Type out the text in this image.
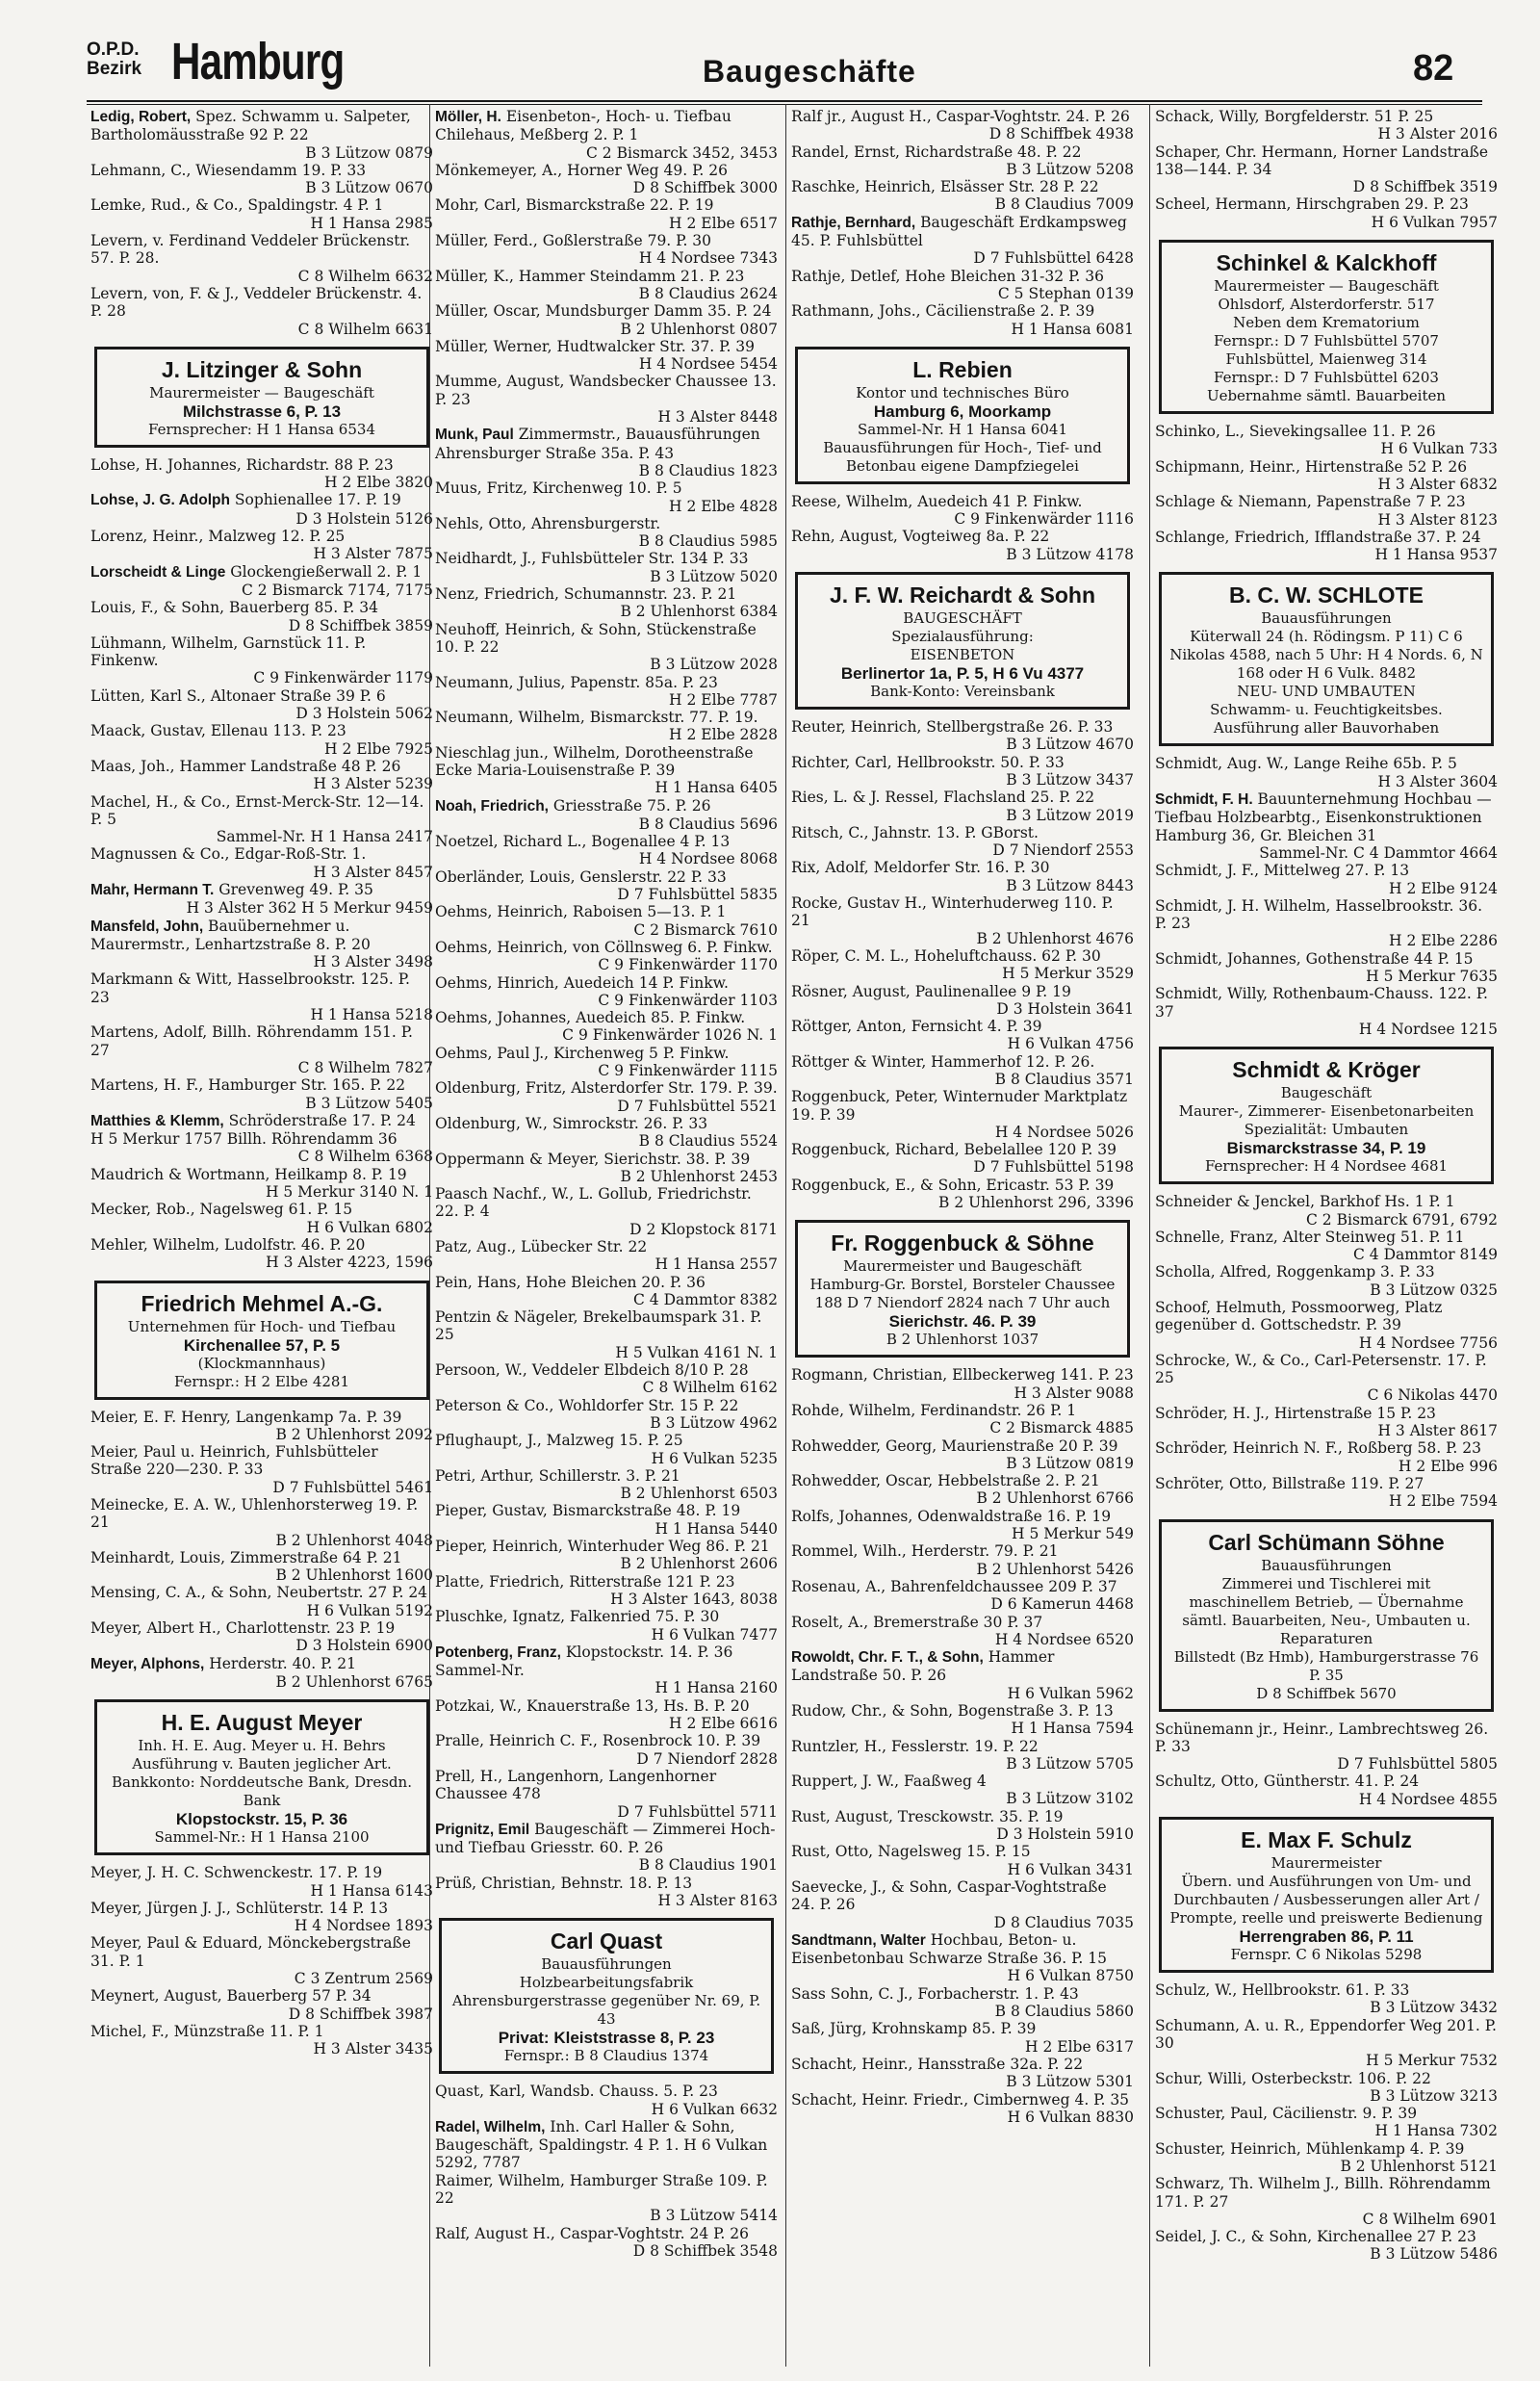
O.P.D.
Bezirk Hamburg	Baugeschäfte	82
Ledig, Robert, Spez. Schwamm u. Salpeter, Bartholomäusstraße 92 P. 22
B 3 Lützow 0879
Lehmann, C., Wiesendamm 19. P. 33
B 3 Lützow 0670
Lemke, Rud., & Co., Spaldingstr. 4 P. 1
H 1 Hansa 2985
Levern, v. Ferdinand Veddeler Brückenstr. 57. P. 28.
C 8 Wilhelm 6632
Levern, von, F. & J., Veddeler Brückenstr. 4. P. 28
C 8 Wilhelm 6631
J. Litzinger & Sohn
Maurermeister — Baugeschäft
Milchstrasse 6, P. 13
Fernsprecher: H 1 Hansa 6534
Lohse, H. Johannes, Richardstr. 88 P. 23
H 2 Elbe 3820
Lohse, J. G. Adolph Sophienallee 17. P. 19
D 3 Holstein 5126
Lorenz, Heinr., Malzweg 12. P. 25
H 3 Alster 7875
Lorscheidt & Linge Glockengießerwall 2. P. 1
C 2 Bismarck 7174, 7175
Louis, F., & Sohn, Bauerberg 85. P. 34
D 8 Schiffbek 3859
Lühmann, Wilhelm, Garnstück 11. P. Finkenw.
C 9 Finkenwärder 1179
Lütten, Karl S., Altonaer Straße 39 P. 6
D 3 Holstein 5062
Maack, Gustav, Ellenau 113. P. 23
H 2 Elbe 7925
Maas, Joh., Hammer Landstraße 48 P. 26
H 3 Alster 5239
Machel, H., & Co., Ernst-Merck-Str. 12—14. P. 5
Sammel-Nr. H 1 Hansa 2417
Magnussen & Co., Edgar-Roß-Str. 1.
H 3 Alster 8457
Mahr, Hermann T. Grevenweg 49. P. 35
H 3 Alster 362 H 5 Merkur 9459
Mansfeld, John, Bauübernehmer u. Maurermstr., Lenhartzstraße 8. P. 20
H 3 Alster 3498
Markmann & Witt, Hasselbrookstr. 125. P. 23
H 1 Hansa 5218
Martens, Adolf, Billh. Röhrendamm 151. P. 27
C 8 Wilhelm 7827
Martens, H. F., Hamburger Str. 165. P. 22
B 3 Lützow 5405
Matthies & Klemm, Schröderstraße 17. P. 24 H 5 Merkur 1757 Billh. Röhrendamm 36
C 8 Wilhelm 6368
Maudrich & Wortmann, Heilkamp 8. P. 19
H 5 Merkur 3140 N. 1
Mecker, Rob., Nagelsweg 61. P. 15
H 6 Vulkan 6802
Mehler, Wilhelm, Ludolfstr. 46. P. 20
H 3 Alster 4223, 1596
Friedrich Mehmel A.-G.
Unternehmen für Hoch- und Tiefbau
Kirchenallee 57, P. 5
(Klockmannhaus)
Fernspr.: H 2 Elbe 4281
Meier, E. F. Henry, Langenkamp 7a. P. 39
B 2 Uhlenhorst 2092
Meier, Paul u. Heinrich, Fuhlsbütteler Straße 220—230. P. 33
D 7 Fuhlsbüttel 5461
Meinecke, E. A. W., Uhlenhorsterweg 19. P. 21
B 2 Uhlenhorst 4048
Meinhardt, Louis, Zimmerstraße 64 P. 21
B 2 Uhlenhorst 1600
Mensing, C. A., & Sohn, Neubertstr. 27 P. 24
H 6 Vulkan 5192
Meyer, Albert H., Charlottenstr. 23 P. 19
D 3 Holstein 6900
Meyer, Alphons, Herderstr. 40. P. 21
B 2 Uhlenhorst 6765
H. E. August Meyer
Inh. H. E. Aug. Meyer u. H. Behrs
Ausführung v. Bauten jeglicher Art. Bankkonto: Norddeutsche Bank, Dresdn. Bank
Klopstockstr. 15, P. 36
Sammel-Nr.: H 1 Hansa 2100
Meyer, J. H. C. Schwenckestr. 17. P. 19
H 1 Hansa 6143
Meyer, Jürgen J. J., Schlüterstr. 14 P. 13
H 4 Nordsee 1893
Meyer, Paul & Eduard, Mönckebergstraße 31. P. 1
C 3 Zentrum 2569
Meynert, August, Bauerberg 57 P. 34
D 8 Schiffbek 3987
Michel, F., Münzstraße 11. P. 1
H 3 Alster 3435
Möller, H. Eisenbeton-, Hoch- u. Tiefbau Chilehaus, Meßberg 2. P. 1
C 2 Bismarck 3452, 3453
Mönkemeyer, A., Horner Weg 49. P. 26
D 8 Schiffbek 3000
Mohr, Carl, Bismarckstraße 22. P. 19
H 2 Elbe 6517
Müller, Ferd., Goßlerstraße 79. P. 30
H 4 Nordsee 7343
Müller, K., Hammer Steindamm 21. P. 23
B 8 Claudius 2624
Müller, Oscar, Mundsburger Damm 35. P. 24
B 2 Uhlenhorst 0807
Müller, Werner, Hudtwalcker Str. 37. P. 39
H 4 Nordsee 5454
Mumme, August, Wandsbecker Chaussee 13. P. 23
H 3 Alster 8448
Munk, Paul Zimmermstr., Bauausführungen Ahrensburger Straße 35a. P. 43
B 8 Claudius 1823
Muus, Fritz, Kirchenweg 10. P. 5
H 2 Elbe 4828
Nehls, Otto, Ahrensburgerstr.
B 8 Claudius 5985
Neidhardt, J., Fuhlsbütteler Str. 134 P. 33
B 3 Lützow 5020
Nenz, Friedrich, Schumannstr. 23. P. 21
B 2 Uhlenhorst 6384
Neuhoff, Heinrich, & Sohn, Stückenstraße 10. P. 22
B 3 Lützow 2028
Neumann, Julius, Papenstr. 85a. P. 23
H 2 Elbe 7787
Neumann, Wilhelm, Bismarckstr. 77. P. 19.
H 2 Elbe 2828
Nieschlag jun., Wilhelm, Dorotheenstraße Ecke Maria-Louisenstraße P. 39
H 1 Hansa 6405
Noah, Friedrich, Griesstraße 75. P. 26
B 8 Claudius 5696
Noetzel, Richard L., Bogenallee 4 P. 13
H 4 Nordsee 8068
Oberländer, Louis, Genslerstr. 22 P. 33
D 7 Fuhlsbüttel 5835
Oehms, Heinrich, Raboisen 5—13. P. 1
C 2 Bismarck 7610
Oehms, Heinrich, von Cöllnsweg 6. P. Finkw.
C 9 Finkenwärder 1170
Oehms, Hinrich, Auedeich 14 P. Finkw.
C 9 Finkenwärder 1103
Oehms, Johannes, Auedeich 85. P. Finkw.
C 9 Finkenwärder 1026 N. 1
Oehms, Paul J., Kirchenweg 5 P. Finkw.
C 9 Finkenwärder 1115
Oldenburg, Fritz, Alsterdorfer Str. 179. P. 39.
D 7 Fuhlsbüttel 5521
Oldenburg, W., Simrockstr. 26. P. 33
B 8 Claudius 5524
Oppermann & Meyer, Sierichstr. 38. P. 39
B 2 Uhlenhorst 2453
Paasch Nachf., W., L. Gollub, Friedrichstr. 22. P. 4
D 2 Klopstock 8171
Patz, Aug., Lübecker Str. 22
H 1 Hansa 2557
Pein, Hans, Hohe Bleichen 20. P. 36
C 4 Dammtor 8382
Pentzin & Nägeler, Brekelbaumspark 31. P. 25
H 5 Vulkan 4161 N. 1
Persoon, W., Veddeler Elbdeich 8/10 P. 28
C 8 Wilhelm 6162
Peterson & Co., Wohldorfer Str. 15 P. 22
B 3 Lützow 4962
Pflughaupt, J., Malzweg 15. P. 25
H 6 Vulkan 5235
Petri, Arthur, Schillerstr. 3. P. 21
B 2 Uhlenhorst 6503
Pieper, Gustav, Bismarckstraße 48. P. 19
H 1 Hansa 5440
Pieper, Heinrich, Winterhuder Weg 86. P. 21
B 2 Uhlenhorst 2606
Platte, Friedrich, Ritterstraße 121 P. 23
H 3 Alster 1643, 8038
Pluschke, Ignatz, Falkenried 75. P. 30
H 6 Vulkan 7477
Potenberg, Franz, Klopstockstr. 14. P. 36 Sammel-Nr.
H 1 Hansa 2160
Potzkai, W., Knauerstraße 13, Hs. B. P. 20
H 2 Elbe 6616
Pralle, Heinrich C. F., Rosenbrock 10. P. 39
D 7 Niendorf 2828
Prell, H., Langenhorn, Langenhorner Chaussee 478
D 7 Fuhlsbüttel 5711
Prignitz, Emil Baugeschäft — Zimmerei Hoch- und Tiefbau Griesstr. 60. P. 26
B 8 Claudius 1901
Prüß, Christian, Behnstr. 18. P. 13
H 3 Alster 8163
Carl Quast
Bauausführungen
Holzbearbeitungsfabrik
Ahrensburgerstrasse gegenüber Nr. 69, P. 43
Privat: Kleiststrasse 8, P. 23
Fernspr.: B 8 Claudius 1374
Quast, Karl, Wandsb. Chauss. 5. P. 23
H 6 Vulkan 6632
Radel, Wilhelm, Inh. Carl Haller & Sohn, Baugeschäft, Spaldingstr. 4 P. 1. H 6 Vulkan 5292, 7787
Raimer, Wilhelm, Hamburger Straße 109. P. 22
B 3 Lützow 5414
Ralf, August H., Caspar-Voghtstr. 24 P. 26
D 8 Schiffbek 3548
Ralf jr., August H., Caspar-Voghtstr. 24. P. 26
D 8 Schiffbek 4938
Randel, Ernst, Richardstraße 48. P. 22
B 3 Lützow 5208
Raschke, Heinrich, Elsässer Str. 28 P. 22
B 8 Claudius 7009
Rathje, Bernhard, Baugeschäft Erdkampsweg 45. P. Fuhlsbüttel
D 7 Fuhlsbüttel 6428
Rathje, Detlef, Hohe Bleichen 31-32 P. 36
C 5 Stephan 0139
Rathmann, Johs., Cäcilienstraße 2. P. 39
H 1 Hansa 6081
L. Rebien
Kontor und technisches Büro
Hamburg 6, Moorkamp
Sammel-Nr. H 1 Hansa 6041
Bauausführungen für Hoch-, Tief- und Betonbau eigene Dampfziegelei
Reese, Wilhelm, Auedeich 41 P. Finkw.
C 9 Finkenwärder 1116
Rehn, August, Vogteiweg 8a. P. 22
B 3 Lützow 4178
J. F. W. Reichardt & Sohn
BAUGESCHÄFT
Spezialausführung:
EISENBETON
Berlinertor 1a, P. 5, H 6 Vu 4377
Bank-Konto: Vereinsbank
Reuter, Heinrich, Stellbergstraße 26. P. 33
B 3 Lützow 4670
Richter, Carl, Hellbrookstr. 50. P. 33
B 3 Lützow 3437
Ries, L. & J. Ressel, Flachsland 25. P. 22
B 3 Lützow 2019
Ritsch, C., Jahnstr. 13. P. GBorst.
D 7 Niendorf 2553
Rix, Adolf, Meldorfer Str. 16. P. 30
B 3 Lützow 8443
Rocke, Gustav H., Winterhuderweg 110. P. 21
B 2 Uhlenhorst 4676
Röper, C. M. L., Hoheluftchauss. 62 P. 30
H 5 Merkur 3529
Rösner, August, Paulinenallee 9 P. 19
D 3 Holstein 3641
Röttger, Anton, Fernsicht 4. P. 39
H 6 Vulkan 4756
Röttger & Winter, Hammerhof 12. P. 26.
B 8 Claudius 3571
Roggenbuck, Peter, Winternuder Marktplatz 19. P. 39
H 4 Nordsee 5026
Roggenbuck, Richard, Bebelallee 120 P. 39
D 7 Fuhlsbüttel 5198
Roggenbuck, E., & Sohn, Ericastr. 53 P. 39
B 2 Uhlenhorst 296, 3396
Fr. Roggenbuck & Söhne
Maurermeister und Baugeschäft
Hamburg-Gr. Borstel, Borsteler Chaussee 188 D 7 Niendorf 2824 nach 7 Uhr auch
Sierichstr. 46. P. 39
B 2 Uhlenhorst 1037
Rogmann, Christian, Ellbeckerweg 141. P. 23
H 3 Alster 9088
Rohde, Wilhelm, Ferdinandstr. 26 P. 1
C 2 Bismarck 4885
Rohwedder, Georg, Maurienstraße 20 P. 39
B 3 Lützow 0819
Rohwedder, Oscar, Hebbelstraße 2. P. 21
B 2 Uhlenhorst 6766
Rolfs, Johannes, Odenwaldstraße 16. P. 19
H 5 Merkur 549
Rommel, Wilh., Herderstr. 79. P. 21
B 2 Uhlenhorst 5426
Rosenau, A., Bahrenfeldchaussee 209 P. 37
D 6 Kamerun 4468
Roselt, A., Bremerstraße 30 P. 37
H 4 Nordsee 6520
Rowoldt, Chr. F. T., & Sohn, Hammer Landstraße 50. P. 26
H 6 Vulkan 5962
Rudow, Chr., & Sohn, Bogenstraße 3. P. 13
H 1 Hansa 7594
Runtzler, H., Fesslerstr. 19. P. 22
B 3 Lützow 5705
Ruppert, J. W., Faaßweg 4
B 3 Lützow 3102
Rust, August, Tresckowstr. 35. P. 19
D 3 Holstein 5910
Rust, Otto, Nagelsweg 15. P. 15
H 6 Vulkan 3431
Saevecke, J., & Sohn, Caspar-Voghtstraße 24. P. 26
D 8 Claudius 7035
Sandtmann, Walter Hochbau, Beton- u. Eisenbetonbau Schwarze Straße 36. P. 15
H 6 Vulkan 8750
Sass Sohn, C. J., Forbacherstr. 1. P. 43
B 8 Claudius 5860
Saß, Jürg, Krohnskamp 85. P. 39
H 2 Elbe 6317
Schacht, Heinr., Hansstraße 32a. P. 22
B 3 Lützow 5301
Schacht, Heinr. Friedr., Cimbernweg 4. P. 35
H 6 Vulkan 8830
Schack, Willy, Borgfelderstr. 51 P. 25
H 3 Alster 2016
Schaper, Chr. Hermann, Horner Landstraße 138—144. P. 34
D 8 Schiffbek 3519
Scheel, Hermann, Hirschgraben 29. P. 23
H 6 Vulkan 7957
Schinkel & Kalckhoff
Maurermeister — Baugeschäft
Ohlsdorf, Alsterdorferstr. 517
Neben dem Krematorium
Fernspr.: D 7 Fuhlsbüttel 5707
Fuhlsbüttel, Maienweg 314
Fernspr.: D 7 Fuhlsbüttel 6203
Uebernahme sämtl. Bauarbeiten
Schinko, L., Sievekingsallee 11. P. 26
H 6 Vulkan 733
Schipmann, Heinr., Hirtenstraße 52 P. 26
H 3 Alster 6832
Schlage & Niemann, Papenstraße 7 P. 23
H 3 Alster 8123
Schlange, Friedrich, Ifflandstraße 37. P. 24
H 1 Hansa 9537
B. C. W. SCHLOTE
Bauausführungen
Küterwall 24 (h. Rödingsm. P 11) C 6 Nikolas 4588, nach 5 Uhr: H 4 Nords. 6, N 168 oder H 6 Vulk. 8482
NEU- UND UMBAUTEN
Schwamm- u. Feuchtigkeitsbes. Ausführung aller Bauvorhaben
Schmidt, Aug. W., Lange Reihe 65b. P. 5
H 3 Alster 3604
Schmidt, F. H. Bauunternehmung Hochbau — Tiefbau Holzbearbtg., Eisenkonstruktionen Hamburg 36, Gr. Bleichen 31
Sammel-Nr. C 4 Dammtor 4664
Schmidt, J. F., Mittelweg 27. P. 13
H 2 Elbe 9124
Schmidt, J. H. Wilhelm, Hasselbrookstr. 36. P. 23
H 2 Elbe 2286
Schmidt, Johannes, Gothenstraße 44 P. 15
H 5 Merkur 7635
Schmidt, Willy, Rothenbaum-Chauss. 122. P. 37
H 4 Nordsee 1215
Schmidt & Kröger
Baugeschäft
Maurer-, Zimmerer- Eisenbetonarbeiten
Spezialität: Umbauten
Bismarckstrasse 34, P. 19
Fernsprecher: H 4 Nordsee 4681
Schneider & Jenckel, Barkhof Hs. 1 P. 1
C 2 Bismarck 6791, 6792
Schnelle, Franz, Alter Steinweg 51. P. 11
C 4 Dammtor 8149
Scholla, Alfred, Roggenkamp 3. P. 33
B 3 Lützow 0325
Schoof, Helmuth, Possmoorweg, Platz gegenüber d. Gottschedstr. P. 39
H 4 Nordsee 7756
Schrocke, W., & Co., Carl-Petersenstr. 17. P. 25
C 6 Nikolas 4470
Schröder, H. J., Hirtenstraße 15 P. 23
H 3 Alster 8617
Schröder, Heinrich N. F., Roßberg 58. P. 23
H 2 Elbe 996
Schröter, Otto, Billstraße 119. P. 27
H 2 Elbe 7594
Carl Schümann Söhne
Bauausführungen
Zimmerei und Tischlerei mit maschinellem Betrieb, — Übernahme sämtl. Bauarbeiten, Neu-, Umbauten u. Reparaturen
Billstedt (Bz Hmb), Hamburgerstrasse 76 P. 35
D 8 Schiffbek 5670
Schünemann jr., Heinr., Lambrechtsweg 26. P. 33
D 7 Fuhlsbüttel 5805
Schultz, Otto, Güntherstr. 41. P. 24
H 4 Nordsee 4855
E. Max F. Schulz
Maurermeister
Übern. und Ausführungen von Um- und Durchbauten / Ausbesserungen aller Art / Prompte, reelle und preiswerte Bedienung
Herrengraben 86, P. 11
Fernspr. C 6 Nikolas 5298
Schulz, W., Hellbrookstr. 61. P. 33
B 3 Lützow 3432
Schumann, A. u. R., Eppendorfer Weg 201. P. 30
H 5 Merkur 7532
Schur, Willi, Osterbeckstr. 106. P. 22
B 3 Lützow 3213
Schuster, Paul, Cäcilienstr. 9. P. 39
H 1 Hansa 7302
Schuster, Heinrich, Mühlenkamp 4. P. 39
B 2 Uhlenhorst 5121
Schwarz, Th. Wilhelm J., Billh. Röhrendamm 171. P. 27
C 8 Wilhelm 6901
Seidel, J. C., & Sohn, Kirchenallee 27 P. 23
B 3 Lützow 5486
